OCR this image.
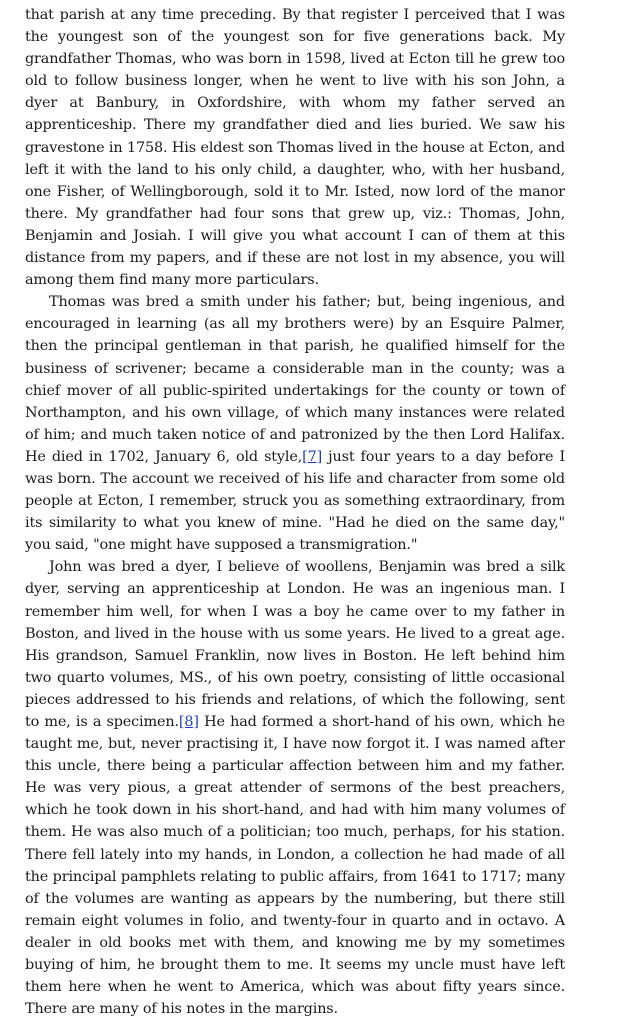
that parish at any time preceding. By that register I perceived that I was the youngest son of the youngest son for five generations back. My grandfather Thomas, who was born in 1598, lived at Ecton till he grew too old to follow business longer, when he went to live with his son John, a dyer at Banbury, in Oxfordshire, with whom my father served an apprenticeship. There my grandfather died and lies buried. We saw his gravestone in 1758. His eldest son Thomas lived in the house at Ecton, and left it with the land to his only child, a daughter, who, with her husband, one Fisher, of Wellingborough, sold it to Mr. Isted, now lord of the manor there. My grandfather had four sons that grew up, viz.: Thomas, John, Benjamin and Josiah. I will give you what account I can of them at this distance from my papers, and if these are not lost in my absence, you will among them find many more particulars.

Thomas was bred a smith under his father; but, being ingenious, and encouraged in learning (as all my brothers were) by an Esquire Palmer, then the principal gentleman in that parish, he qualified himself for the business of scrivener; became a considerable man in the county; was a chief mover of all public-spirited undertakings for the county or town of Northampton, and his own village, of which many instances were related of him; and much taken notice of and patronized by the then Lord Halifax. He died in 1702, January 6, old style,[7] just four years to a day before I was born. The account we received of his life and character from some old people at Ecton, I remember, struck you as something extraordinary, from its similarity to what you knew of mine. "Had he died on the same day," you said, "one might have supposed a transmigration."

John was bred a dyer, I believe of woollens, Benjamin was bred a silk dyer, serving an apprenticeship at London. He was an ingenious man. I remember him well, for when I was a boy he came over to my father in Boston, and lived in the house with us some years. He lived to a great age. His grandson, Samuel Franklin, now lives in Boston. He left behind him two quarto volumes, MS., of his own poetry, consisting of little occasional pieces addressed to his friends and relations, of which the following, sent to me, is a specimen.[8] He had formed a short-hand of his own, which he taught me, but, never practising it, I have now forgot it. I was named after this uncle, there being a particular affection between him and my father. He was very pious, a great attender of sermons of the best preachers, which he took down in his short-hand, and had with him many volumes of them. He was also much of a politician; too much, perhaps, for his station. There fell lately into my hands, in London, a collection he had made of all the principal pamphlets relating to public affairs, from 1641 to 1717; many of the volumes are wanting as appears by the numbering, but there still remain eight volumes in folio, and twenty-four in quarto and in octavo. A dealer in old books met with them, and knowing me by my sometimes buying of him, he brought them to me. It seems my uncle must have left them here when he went to America, which was about fifty years since. There are many of his notes in the margins.
